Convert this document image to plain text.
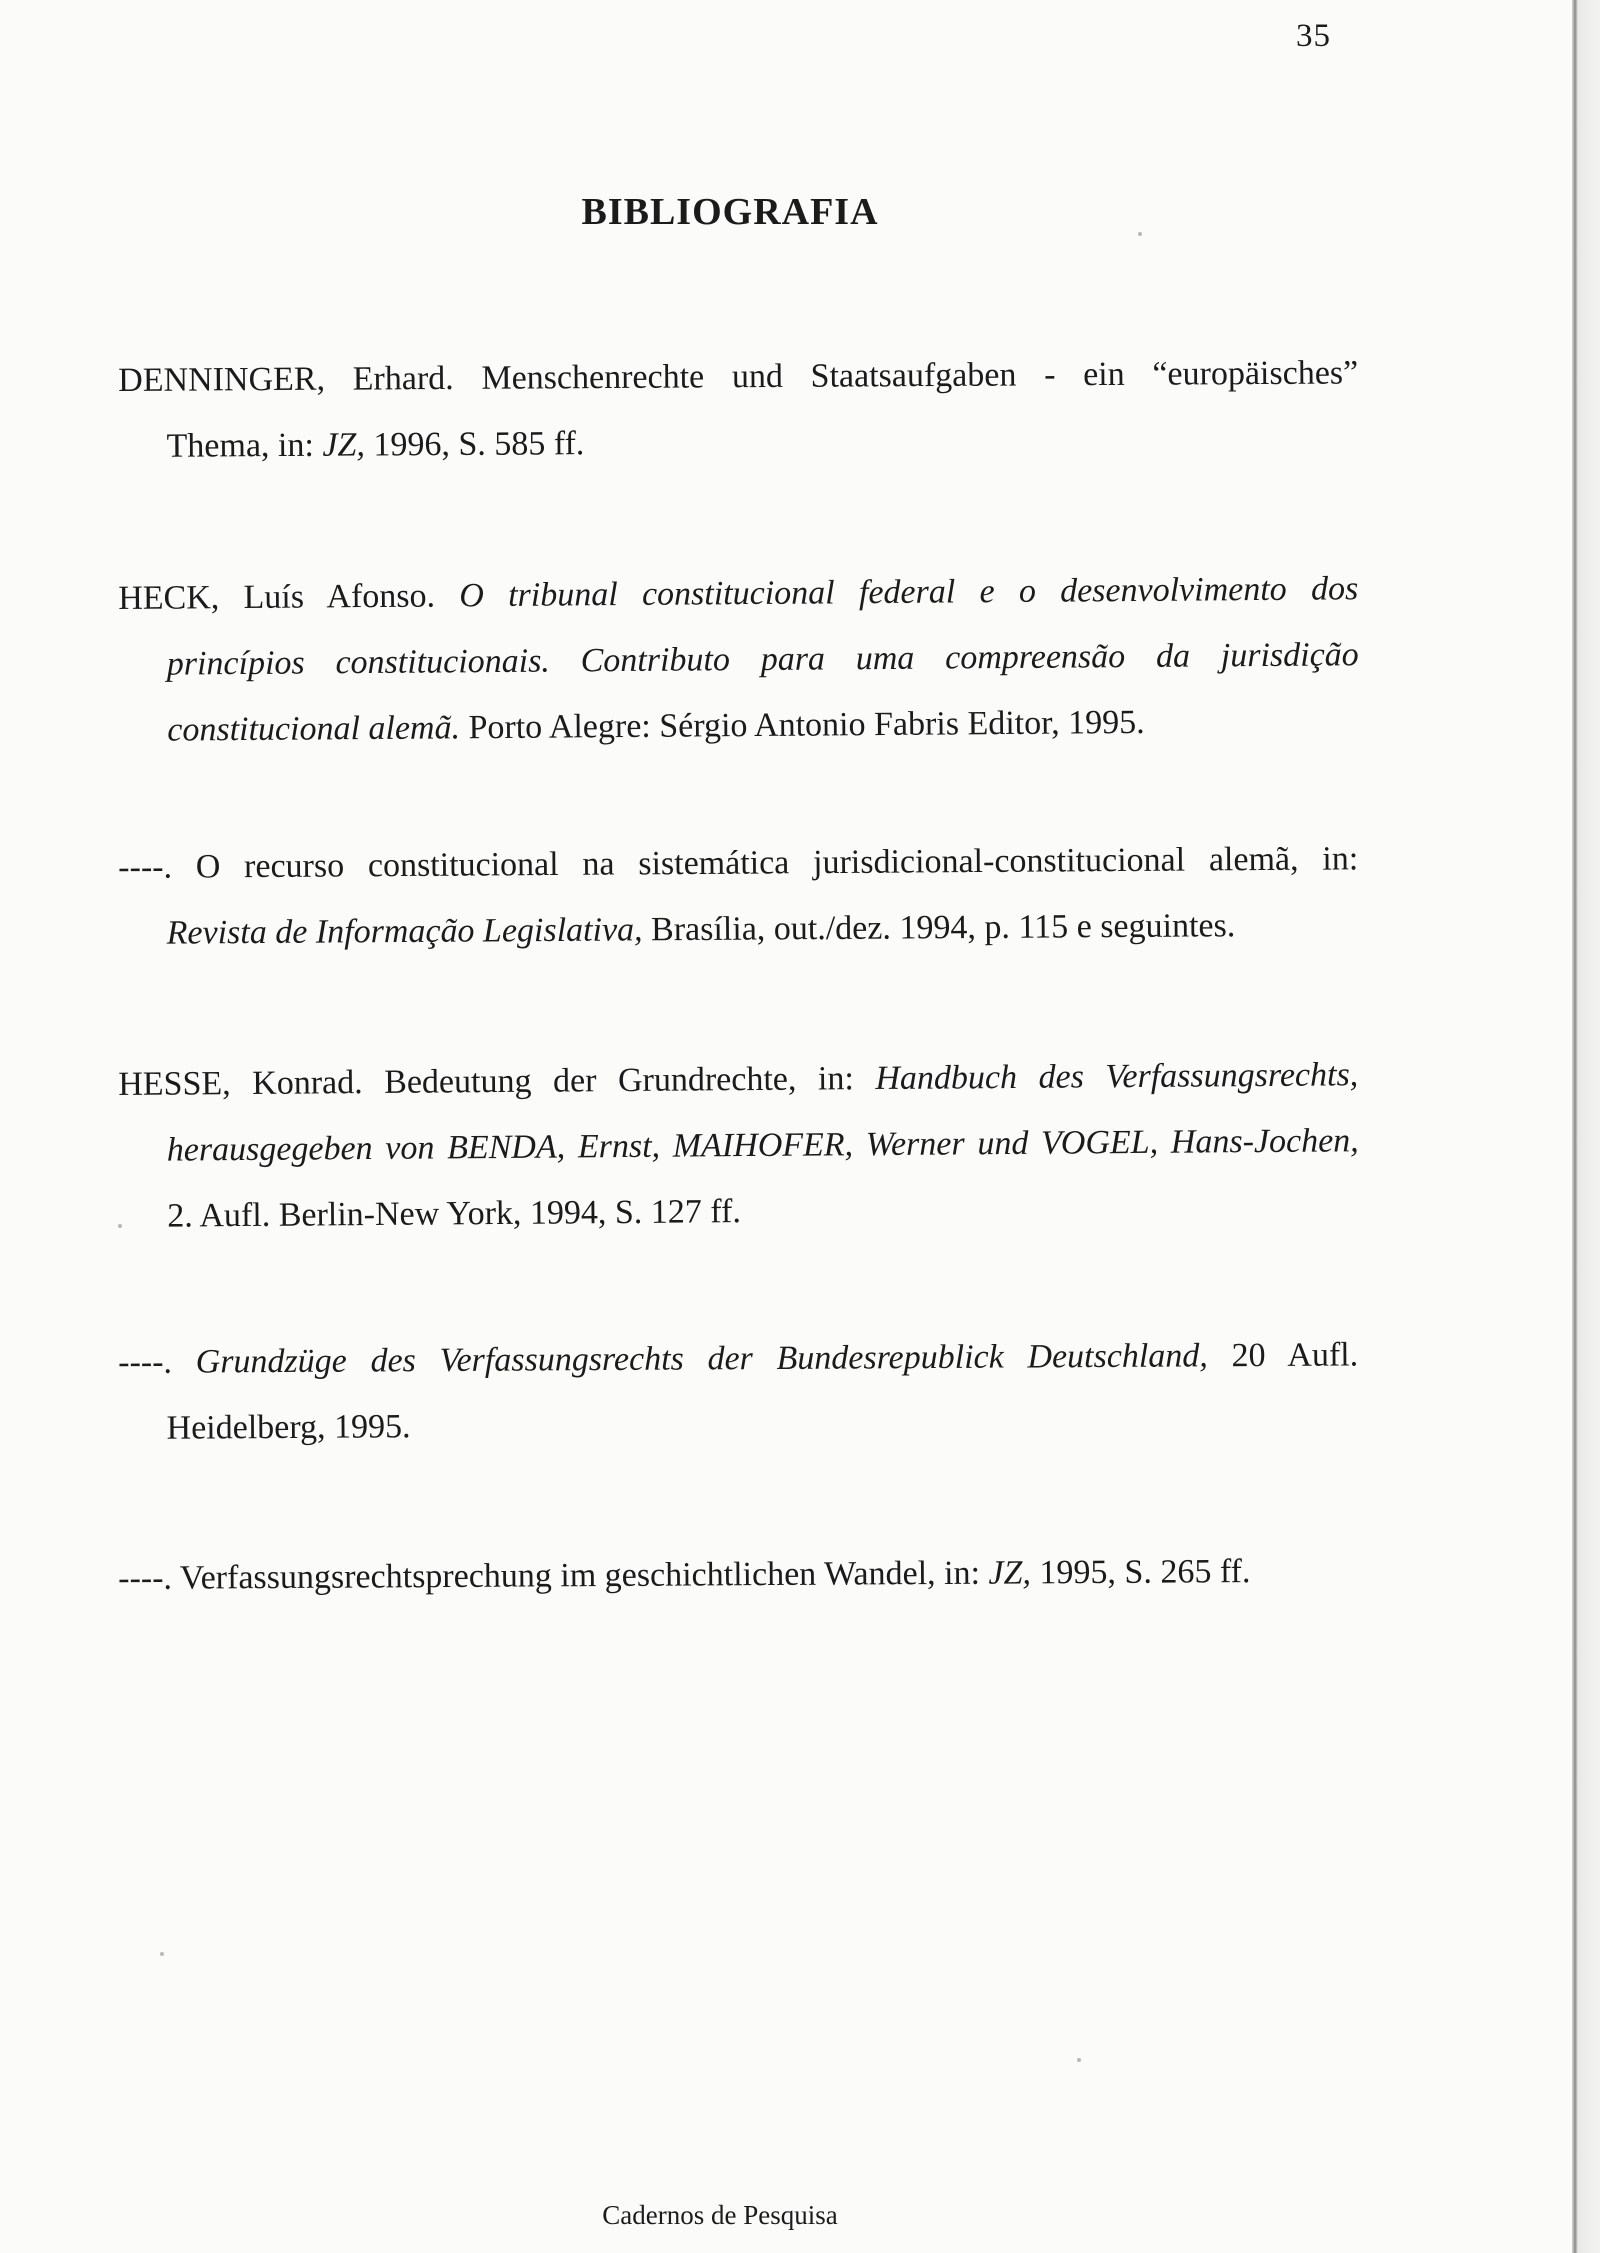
35
BIBLIOGRAFIA
DENNINGER, Erhard. Menschenrechte und Staatsaufgaben - ein “europäisches”
Thema, in: JZ, 1996, S. 585 ff.
HECK, Luís Afonso. O tribunal constitucional federal e o desenvolvimento dos
princípios constitucionais. Contributo para uma compreensão da jurisdição
constitucional alemã. Porto Alegre: Sérgio Antonio Fabris Editor, 1995.
----. O recurso constitucional na sistemática jurisdicional-constitucional alemã, in:
Revista de Informação Legislativa, Brasília, out./dez. 1994, p. 115 e seguintes.
HESSE, Konrad. Bedeutung der Grundrechte, in: Handbuch des Verfassungsrechts,
herausgegeben von BENDA, Ernst, MAIHOFER, Werner und VOGEL, Hans-Jochen,
2. Aufl. Berlin-New York, 1994, S. 127 ff.
----. Grundzüge des Verfassungsrechts der Bundesrepublick Deutschland, 20 Aufl.
Heidelberg, 1995.
----. Verfassungsrechtsprechung im geschichtlichen Wandel, in: JZ, 1995, S. 265 ff.
Cadernos de Pesquisa
